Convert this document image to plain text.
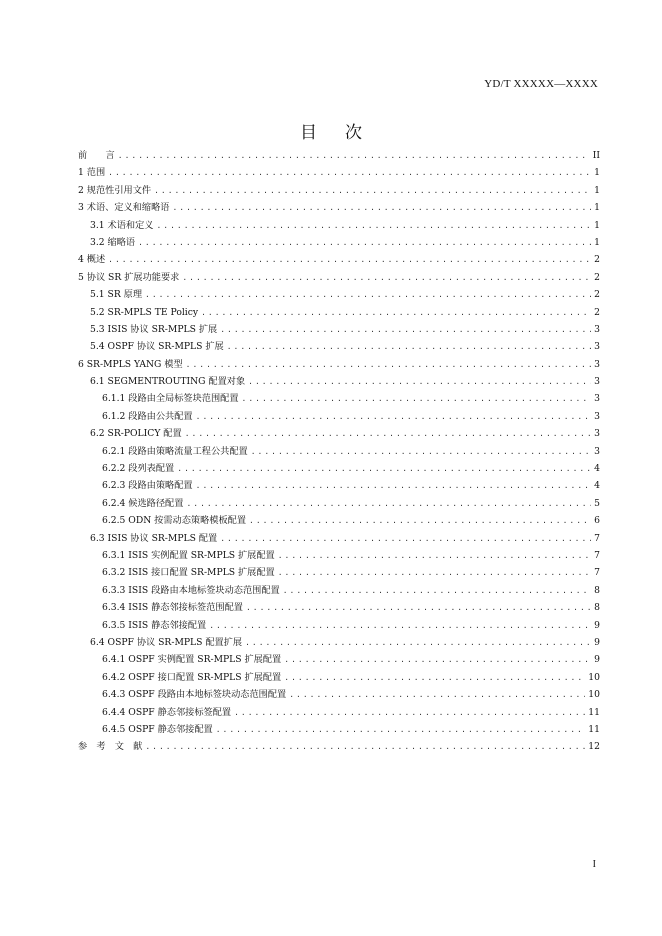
YD/T XXXXX—XXXX
目 次
前　　言 .....	II
1 范围 .....	1
2 规范性引用文件 .....	1
3 术语、定义和缩略语 .....	1
3.1 术语和定义 .....	1
3.2 缩略语 .....	1
4 概述 .....	2
5 协议 SR 扩展功能要求 .....	2
5.1 SR 原理 .....	2
5.2 SR-MPLS TE Policy .....	2
5.3 ISIS 协议 SR-MPLS 扩展 .....	3
5.4 OSPF 协议 SR-MPLS 扩展 .....	3
6 SR-MPLS YANG 模型 .....	3
6.1 SEGMENTROUTING 配置对象 .....	3
6.1.1 段路由全局标签块范围配置 .....	3
6.1.2 段路由公共配置 .....	3
6.2 SR-POLICY 配置 .....	3
6.2.1 段路由策略流量工程公共配置 .....	3
6.2.2 段列表配置 .....	4
6.2.3 段路由策略配置 .....	4
6.2.4 候选路径配置 .....	5
6.2.5 ODN 按需动态策略模板配置 .....	6
6.3 ISIS 协议 SR-MPLS 配置 .....	7
6.3.1 ISIS 实例配置 SR-MPLS 扩展配置 .....	7
6.3.2 ISIS 接口配置 SR-MPLS 扩展配置 .....	7
6.3.3 ISIS 段路由本地标签块动态范围配置 .....	8
6.3.4 ISIS 静态邻接标签范围配置 .....	8
6.3.5 ISIS 静态邻接配置 .....	9
6.4 OSPF 协议 SR-MPLS 配置扩展 .....	9
6.4.1 OSPF 实例配置 SR-MPLS 扩展配置 .....	9
6.4.2 OSPF 接口配置 SR-MPLS 扩展配置 .....	10
6.4.3 OSPF 段路由本地标签块动态范围配置 .....	10
6.4.4 OSPF 静态邻接标签配置 .....	11
6.4.5 OSPF 静态邻接配置 .....	11
参　考　文　献 .....	12
I
